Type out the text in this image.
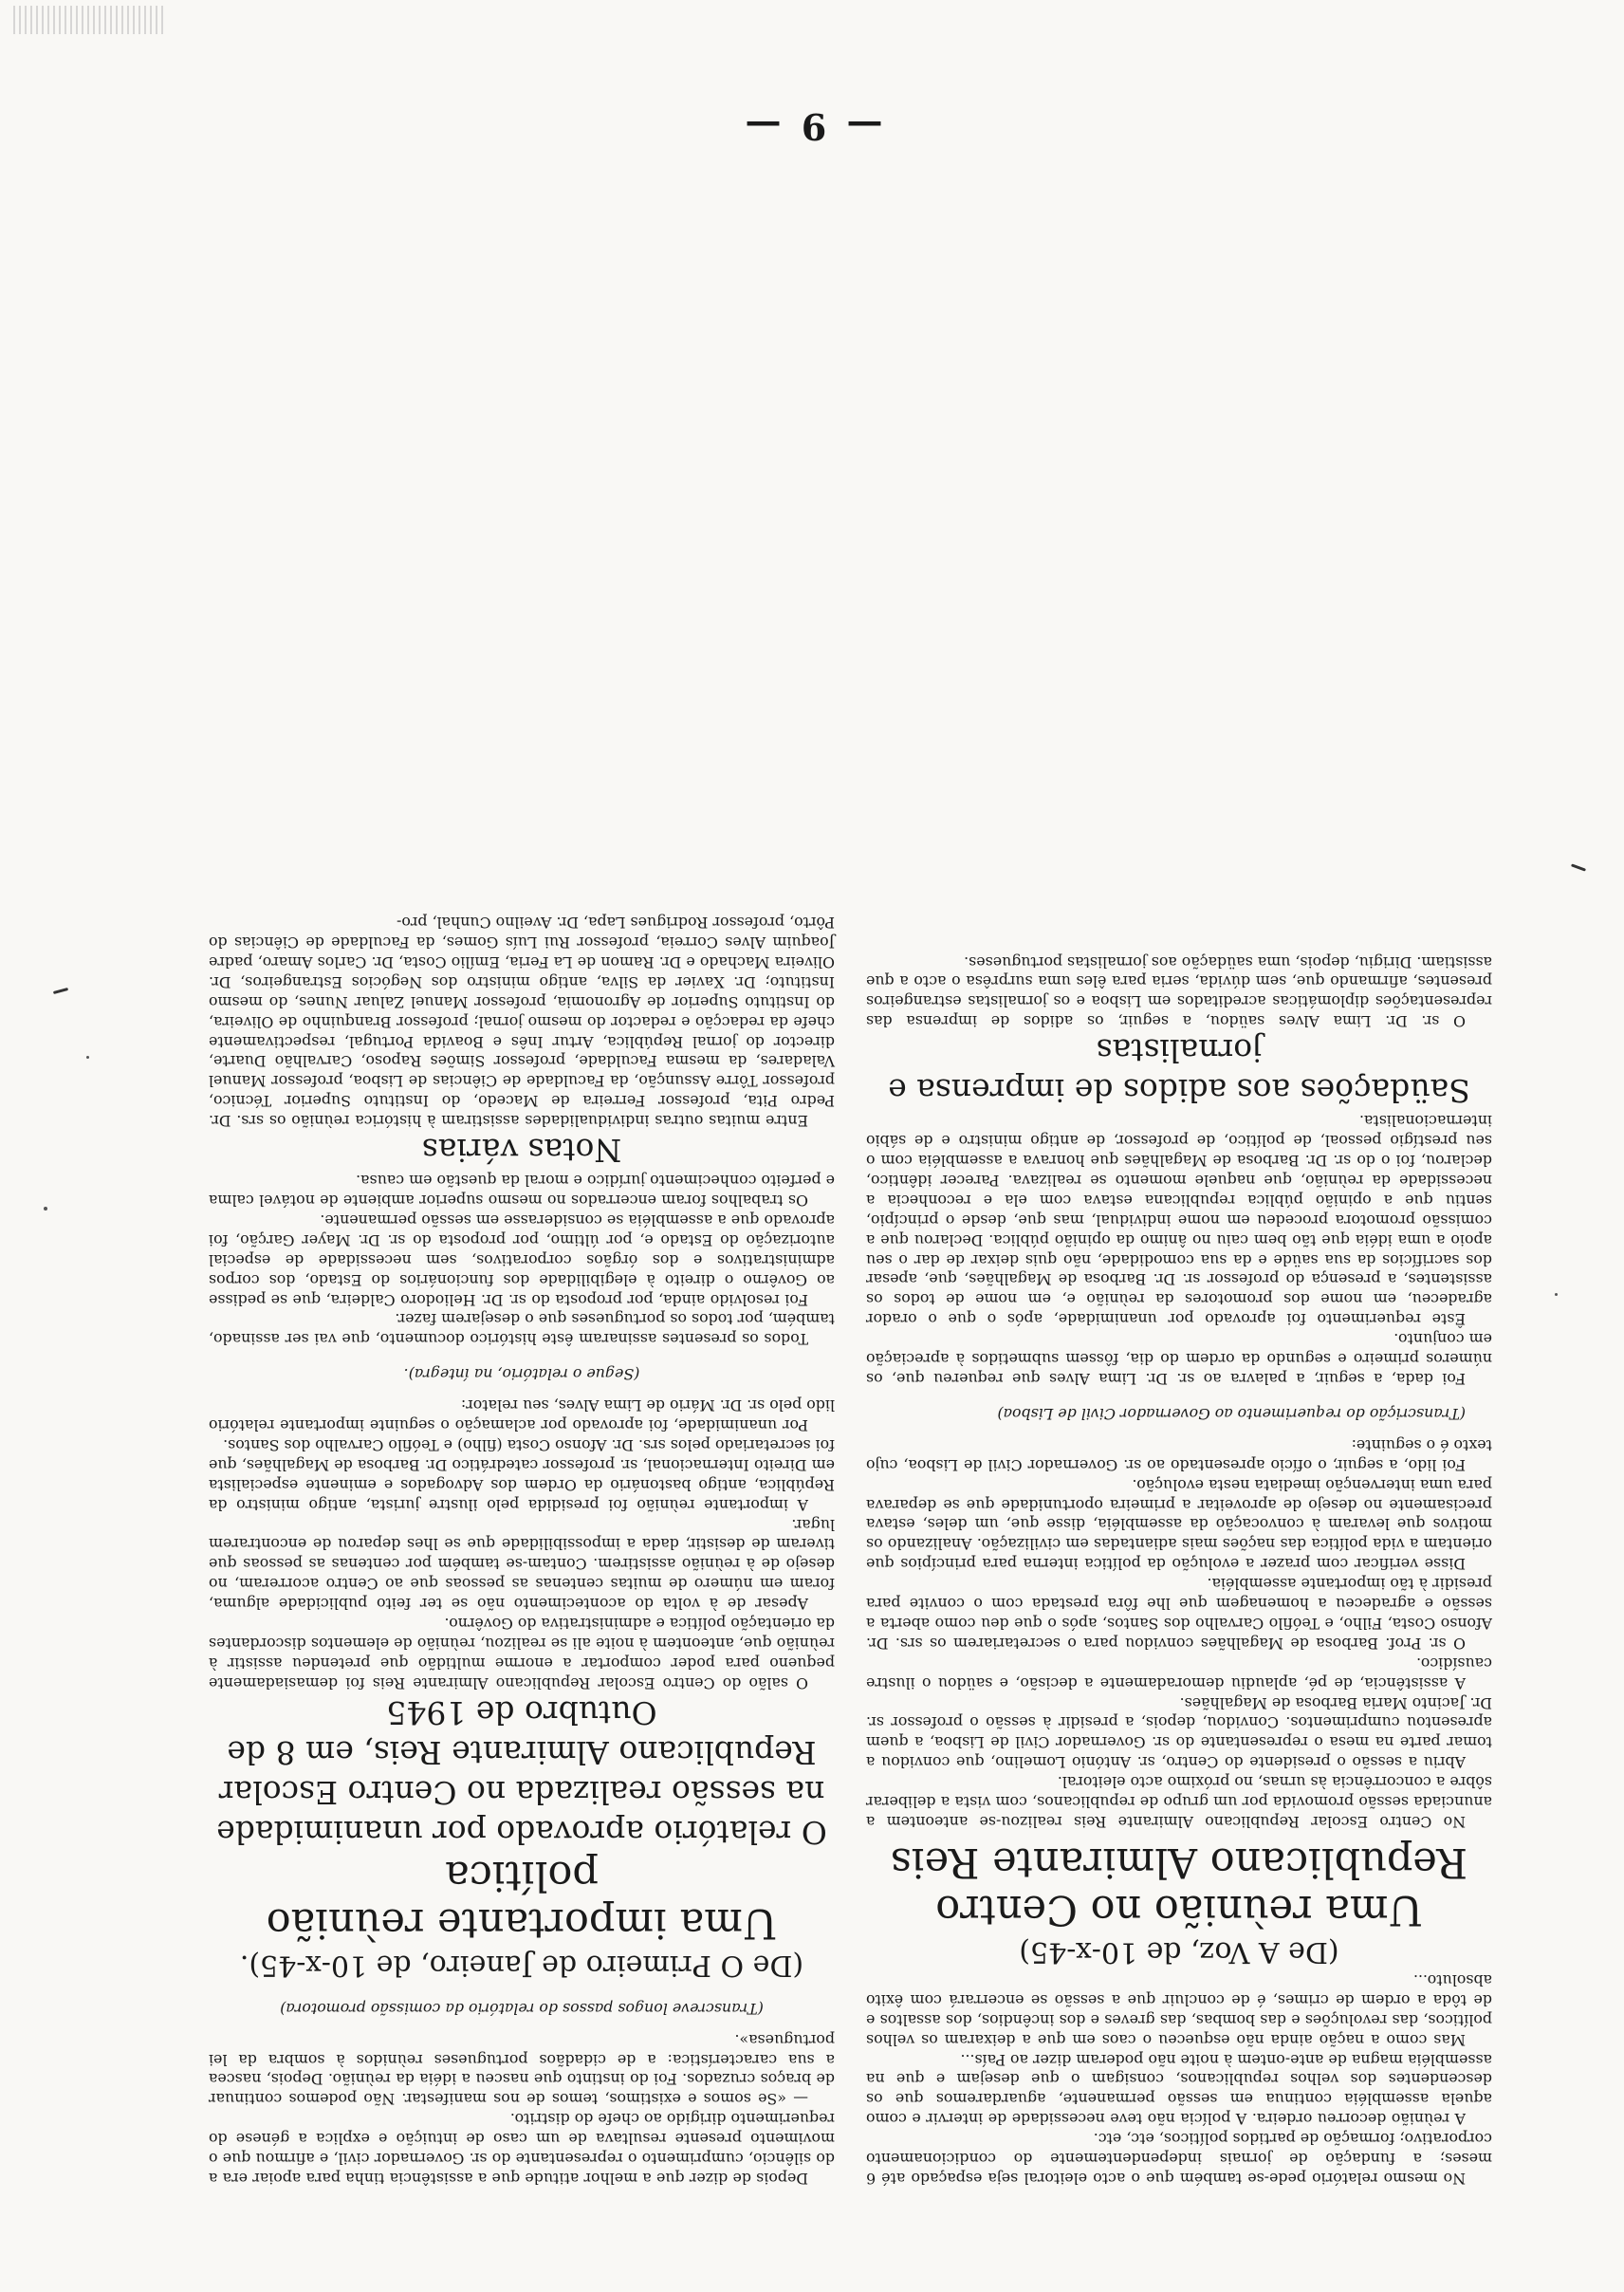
— 9 —

No mesmo relatório pede-se também que o acto eleitoral seja espaçado até 6 meses; a fundação de jornais independentemente do condicionamento corporativo; formação de partidos políticos, etc, etc.

A reùnião decorreu ordeira. A polícia não teve necessidade de intervir e como aquela assembléia continua em sessão permanente, aguardaremos que os descendentes dos velhos republicanos, consigam o que desejam e que na assembléia magna de ante-ontem à noite não poderam dizer ao País...

Mas como a nação ainda não esqueceu o caos em que a deixaram os velhos políticos, das revoluções e das bombas, das greves e dos incêndios, dos assaltos e de tôda a ordem de crimes, é de concluir que a sessão se encerrará com êxito absoluto...

(De A Voz, de 10-x-45)

Uma reùnião no Centro Republicano Almirante Reis

No Centro Escolar Republicano Almirante Reis realizou-se anteontem a anunciada sessão promovida por um grupo de republicanos, com vista a deliberar sôbre a concorrência às urnas, no próximo acto eleitoral.

Abriu a sessão o presidente do Centro, sr. António Lomelino, que convidou a tomar parte na mesa o representante do sr. Governador Civil de Lisboa, a quem apresentou cumprimentos. Convidou, depois, a presidir à sessão o professor sr. Dr. Jacinto Maria Barbosa de Magalhães.

A assistência, de pé, aplaudiu demoradamente a decisão, e saüdou o ilustre causídico.

O sr. Prof. Barbosa de Magalhães convidou para o secretariarem os srs. Dr. Afonso Costa, Filho, e Teófilo Carvalho dos Santos, após o que deu como aberta a sessão e agradeceu a homenagem que lhe fôra prestada com o convite para presidir à tão importante assembléia.

Disse verificar com prazer a evolução da política interna para princípios que orientam a vida política das nações mais adiantadas em civilização. Analizando os motivos que levaram à convocação da assembléia, disse que, um deles, estava precisamente no desejo de aproveitar a primeira oportunidade que se deparava para uma intervenção imediata nesta evolução.

Foi lido, a seguir, o ofício apresentado ao sr. Governador Civil de Lisboa, cujo texto é o seguinte:

(Transcrição do requerimento ao Governador Civil de Lisboa)

Foi dada, a seguir, a palavra ao sr. Dr. Lima Alves que requereu que, os números primeiro e segundo da ordem do dia, fôssem submetidos à apreciação em conjunto.

Êste requerimento foi aprovado por unanimidade, após o que o orador agradeceu, em nome dos promotores da reùnião e, em nome de todos os assistentes, a presença do professor sr. Dr. Barbosa de Magalhães, que, apesar dos sacrifícios da sua saüde e da sua comodidade, não quis deixar de dar o seu apoio a uma idéia que tão bem caiu no ânimo da opinião pública. Declarou que a comissão promotora procedeu em nome individual, mas que, desde o princípio, sentiu que a opinião pública republicana estava com ela e reconhecia a necessidade da reùnião, que naquele momento se realizava. Parecer idêntico, declarou, foi o do sr. Dr. Barbosa de Magalhães que honrava a assembléia com o seu prestígio pessoal, de político, de professor, de antigo ministro e de sábio internacionalista.

Saüdações aos adidos de imprensa e jornalistas

O sr. Dr. Lima Alves saüdou, a seguir, os adidos de imprensa das representações diplomáticas acreditados em Lisboa e os jornalistas estrangeiros presentes, afirmando que, sem dúvida, seria para êles uma surprêsa o acto a que assistiam. Dirigiu, depois, uma saüdação aos jornalistas portugueses.

Depois de dizer que a melhor atitude que a assistência tinha para apoiar era a do silêncio, cumprimento o representante do sr. Governador civil, e afirmou que o movimento presente resultava de um caso de intuição e explica a génese do requerimento dirigido ao chefe do distrito.

— «Se somos e existimos, temos de nos manifestar. Não podemos continuar de braços cruzados. Foi do instinto que nasceu a idéia da reùnião. Depois, nascea a sua característica: a de cidadãos portugueses reùnidos à sombra da lei portuguesa».

(Transcreve longos passos do relatório da comissão promotora)

(De O Primeiro de Janeiro, de 10-x-45).

Uma importante reùnião política

O relatório aprovado por unanimidade na sessão realizada no Centro Escolar Republicano Almirante Reis, em 8 de Outubro de 1945

O salão do Centro Escolar Republicano Almirante Reis foi demasiadamente pequeno para poder comportar a enorme multidão que pretendeu assistir à reùnião que, anteontem à noite ali se realizou, reùnião de elementos discordantes da orientação política e administrativa do Govêrno.

Apesar de à volta do acontecimento não se ter feito publicidade alguma, foram em número de muitas centenas as pessoas que ao Centro acorreram, no desejo de à reùnião assistirem. Contam-se também por centenas as pessoas que tiveram de desistir, dada a impossibilidade que se lhes deparou de encontrarem lugar.

A importante reùnião foi presidida pelo ilustre jurista, antigo ministro da República, antigo bastonário da Ordem dos Advogados e eminente especialista em Direito Internacional, sr. professor catedrático Dr. Barbosa de Magalhães, que foi secretariado pelos srs. Dr. Afonso Costa (filho) e Teófilo Carvalho dos Santos.

Por unanimidade, foi aprovado por aclamação o seguinte importante relatório lido pelo sr. Dr. Mário de Lima Alves, seu relator:

(Segue o relatório, na íntegra).

Todos os presentes assinaram êste histórico documento, que vai ser assinado, também, por todos os portugueses que o desejarem fazer.

Foi resolvido ainda, por proposta do sr. Dr. Heliodoro Caldeira, que se pedisse ao Govêrno o direito à elegibilidade dos funcionários do Estado, dos corpos administrativos e dos órgãos corporativos, sem necessidade de especial autorização do Estado e, por último, por proposta do sr. Dr. Mayer Garção, foi aprovado que a assembléia se considerasse em sessão permanente.

Os trabalhos foram encerrados no mesmo superior ambiente de notável calma e perfeito conhecimento jurídico e moral da questão em causa.

Notas várias

Entre muitas outras individualidades assistiram à histórica reùnião os srs. Dr. Pedro Pita, professor Ferreira de Macedo, do Instituto Superior Técnico, professor Tôrre Assunção, da Faculdade de Ciências de Lisboa, professor Manuel Valadares, da mesma Faculdade, professor Simões Raposo, Carvalhão Duarte, director do jornal República, Artur Inês e Boavida Portugal, respectivamente chefe da redacção e redactor do mesmo jornal; professor Branquinho de Oliveira, do Instituto Superior de Agronomia, professor Manuel Zaluar Nunes, do mesmo Instituto; Dr. Xavier da Silva, antigo ministro dos Negócios Estrangeiros, Dr. Oliveira Machado e Dr. Ramon de La Feria, Emílio Costa, Dr. Carlos Amaro, padre Joaquim Alves Correia, professor Rui Luís Gomes, da Faculdade de Ciências do Pôrto, professor Rodrigues Lapa, Dr. Aveilno Cunhal, pro-
